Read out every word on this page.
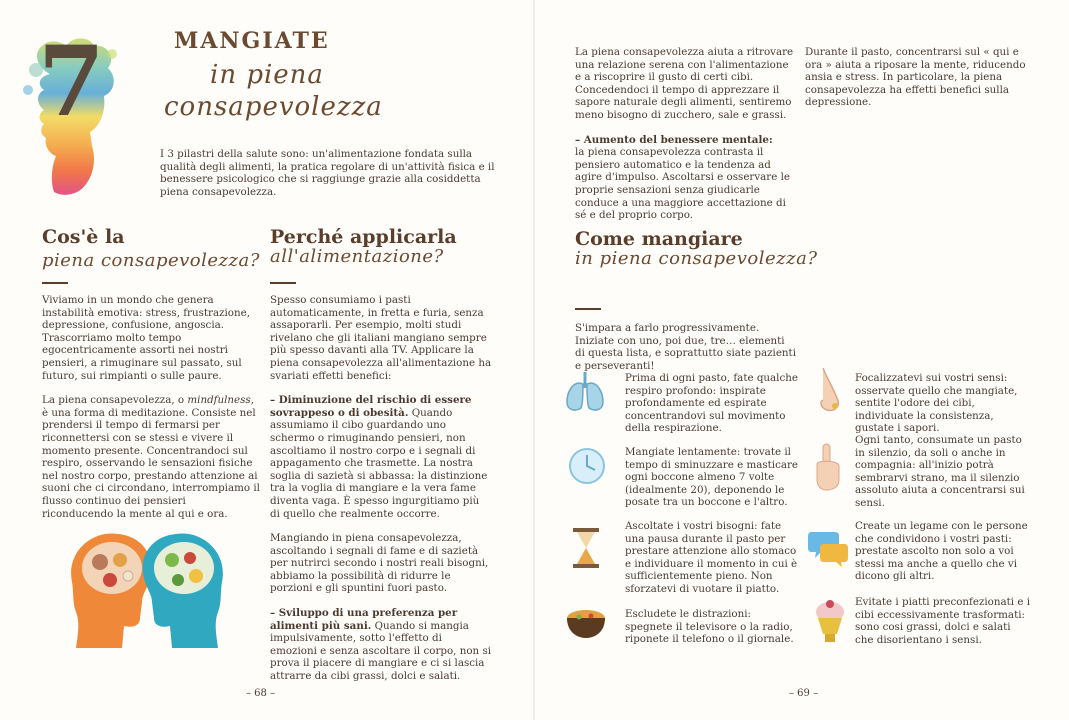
7	MANGIATE
in piena
consapevolezza
I 3 pilastri della salute sono: un'alimentazione fondata sulla qualità degli alimenti, la pratica regolare di un'attività fisica e il benessere psicologico che si raggiunge grazie alla cosiddetta piena consapevolezza.
Cos'è la
piena consapevolezza?

Viviamo in un mondo che genera instabilità emotiva: stress, frustrazione, depressione, confusione, angoscia. Trascorriamo molto tempo egocentricamente assorti nei nostri pensieri, a rimuginare sul passato, sul futuro, sui rimpianti o sulle paure.

La piena consapevolezza, o mindfulness, è una forma di meditazione. Consiste nel prendersi il tempo di fermarsi per riconnettersi con se stessi e vivere il momento presente. Concentrandoci sul respiro, osservando le sensazioni fisiche nel nostro corpo, prestando attenzione ai suoni che ci circondano, interrompiamo il flusso continuo dei pensieri riconducendo la mente al qui e ora.

Perché applicarla
all'alimentazione?

Spesso consumiamo i pasti automaticamente, in fretta e furia, senza assaporarli. Per esempio, molti studi rivelano che gli italiani mangiano sempre più spesso davanti alla TV. Applicare la piena consapevolezza all'alimentazione ha svariati effetti benefici:

– Diminuzione del rischio di essere sovrappeso o di obesità. Quando assumiamo il cibo guardando uno schermo o rimuginando pensieri, non ascoltiamo il nostro corpo e i segnali di appagamento che trasmette. La nostra soglia di sazietà si abbassa: la distinzione tra la voglia di mangiare e la vera fame diventa vaga. È spesso ingurgitiamo più di quello che realmente occorre.

Mangiando in piena consapevolezza, ascoltando i segnali di fame e di sazietà per nutrirci secondo i nostri reali bisogni, abbiamo la possibilità di ridurre le porzioni e gli spuntini fuori pasto.

– Sviluppo di una preferenza per alimenti più sani. Quando si mangia impulsivamente, sotto l'effetto di emozioni e senza ascoltare il corpo, non si prova il piacere di mangiare e ci si lascia attrarre da cibi grassi, dolci e salati.

– 68 –

La piena consapevolezza aiuta a ritrovare una relazione serena con l'alimentazione e a riscoprire il gusto di certi cibi. Concedendoci il tempo di apprezzare il sapore naturale degli alimenti, sentiremo meno bisogno di zucchero, sale e grassi.

– Aumento del benessere mentale:
la piena consapevolezza contrasta il pensiero automatico e la tendenza ad agire d'impulso. Ascoltarsi e osservare le proprie sensazioni senza giudicarle conduce a una maggiore accettazione di sé e del proprio corpo.

Durante il pasto, concentrarsi sul « qui e ora » aiuta a riposare la mente, riducendo ansia e stress. In particolare, la piena consapevolezza ha effetti benefici sulla depressione.

Come mangiare
in piena consapevolezza?
S'impara a farlo progressivamente. Iniziate con uno, poi due, tre… elementi di questa lista, e soprattutto siate pazienti e perseveranti!
Prima di ogni pasto, fate qualche respiro profondo: inspirate profondamente ed espirate concentrandovi sul movimento della respirazione.
Mangiate lentamente: trovate il tempo di sminuzzare e masticare ogni boccone almeno 7 volte (idealmente 20), deponendo le posate tra un boccone e l'altro.
Ascoltate i vostri bisogni: fate una pausa durante il pasto per prestare attenzione allo stomaco e individuare il momento in cui è sufficientemente pieno. Non sforzatevi di vuotare il piatto.
Escludete le distrazioni: spegnete il televisore o la radio, riponete il telefono o il giornale.
Focalizzatevi sui vostri sensi: osservate quello che mangiate, sentite l'odore dei cibi, individuate la consistenza, gustate i sapori.
Ogni tanto, consumate un pasto in silenzio, da soli o anche in compagnia: all'inizio potrà sembrarvi strano, ma il silenzio assoluto aiuta a concentrarsi sui sensi.
Create un legame con le persone che condividono i vostri pasti: prestate ascolto non solo a voi stessi ma anche a quello che vi dicono gli altri.
Evitate i piatti preconfezionati e i cibi eccessivamente trasformati: sono cosi grassi, dolci e salati che disorientano i sensi.
– 69 –
